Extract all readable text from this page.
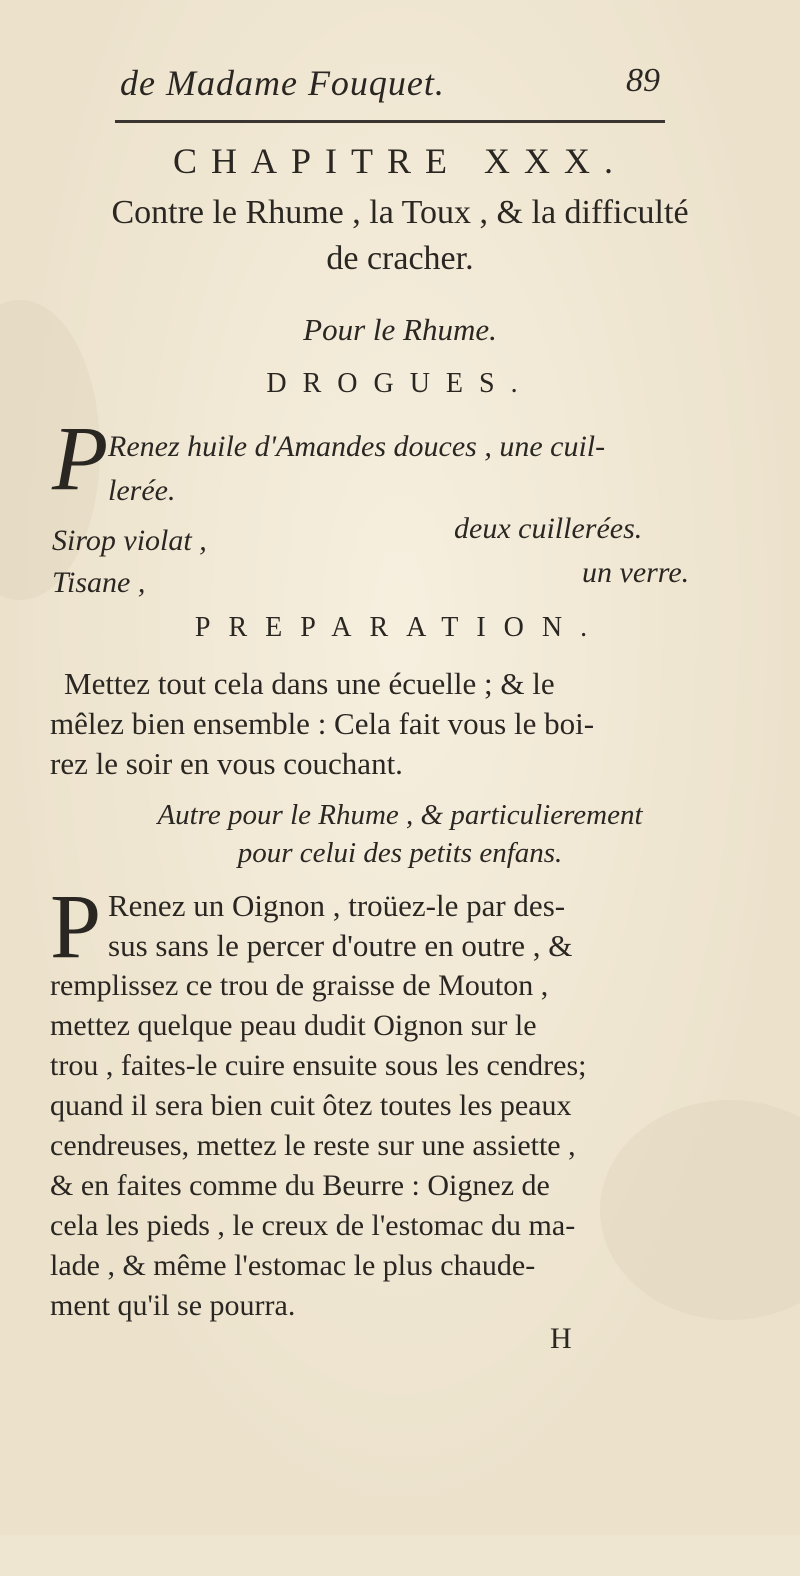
de Madame Fouquet.	89
CHAPITRE XXX.
Contre le Rhume , la Toux , & la difficulté
de cracher.
Pour le Rhume.
DROGUES.
P Renez huile d'Amandes douces , une cuil-
lerée.
Sirop violat ,	deux cuillerées.
Tisane ,	un verre.
PREPARATION.
Mettez tout cela dans une écuelle ; & le
mêlez bien ensemble : Cela fait vous le boi-
rez le soir en vous couchant.
Autre pour le Rhume , & particulierement
pour celui des petits enfans.
P Renez un Oignon , troüez-le par des-
sus sans le percer d'outre en outre , &
remplissez ce trou de graisse de Mouton ,
mettez quelque peau dudit Oignon sur le
trou , faites-le cuire ensuite sous les cendres;
quand il sera bien cuit ôtez toutes les peaux
cendreuses, mettez le reste sur une assiette ,
& en faites comme du Beurre : Oignez de
cela les pieds , le creux de l'estomac du ma-
lade , & même l'estomac le plus chaude-
ment qu'il se pourra.
H
